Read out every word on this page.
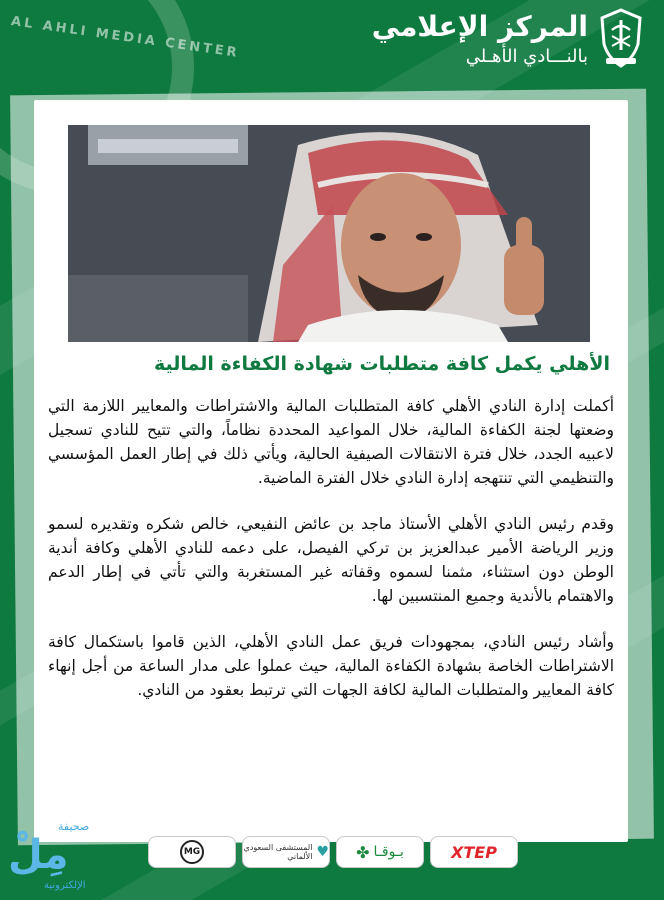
AL AHLI MEDIA CENTER	المركز الإعلامي
بالنـــادي الأهـلي
الأهلي يكمل كافة متطلبات شهادة الكفاءة المالية

أكملت إدارة النادي الأهلي كافة المتطلبات المالية والاشتراطات والمعايير اللازمة التي وضعتها لجنة الكفاءة المالية، خلال المواعيد المحددة نظاماً، والتي تتيح للنادي تسجيل لاعبيه الجدد، خلال فترة الانتقالات الصيفية الحالية، ويأتي ذلك في إطار العمل المؤسسي والتنظيمي التي تنتهجه إدارة النادي خلال الفترة الماضية.

وقدم رئيس النادي الأهلي الأستاذ ماجد بن عائض النفيعي، خالص شكره وتقديره لسمو وزير الرياضة الأمير عبدالعزيز بن تركي الفيصل، على دعمه للنادي الأهلي وكافة أندية الوطن دون استثناء، مثمنا لسموه وقفاته غير المستغربة والتي تأتي في إطار الدعم والاهتمام بالأندية وجميع المنتسبين لها.

وأشاد رئيس النادي، بمجهودات فريق عمل النادي الأهلي، الذين قاموا باستكمال كافة الاشتراطات الخاصة بشهادة الكفاءة المالية، حيث عملوا على مدار الساعة من أجل إنهاء كافة المعايير والمتطلبات المالية لكافة الجهات التي ترتبط بعقود من النادي.

MG	المستشفى السعودي الألماني ♥ ✤ بـوقـا	XTEP
صحيفة
مِلْ
الإلكترونية
